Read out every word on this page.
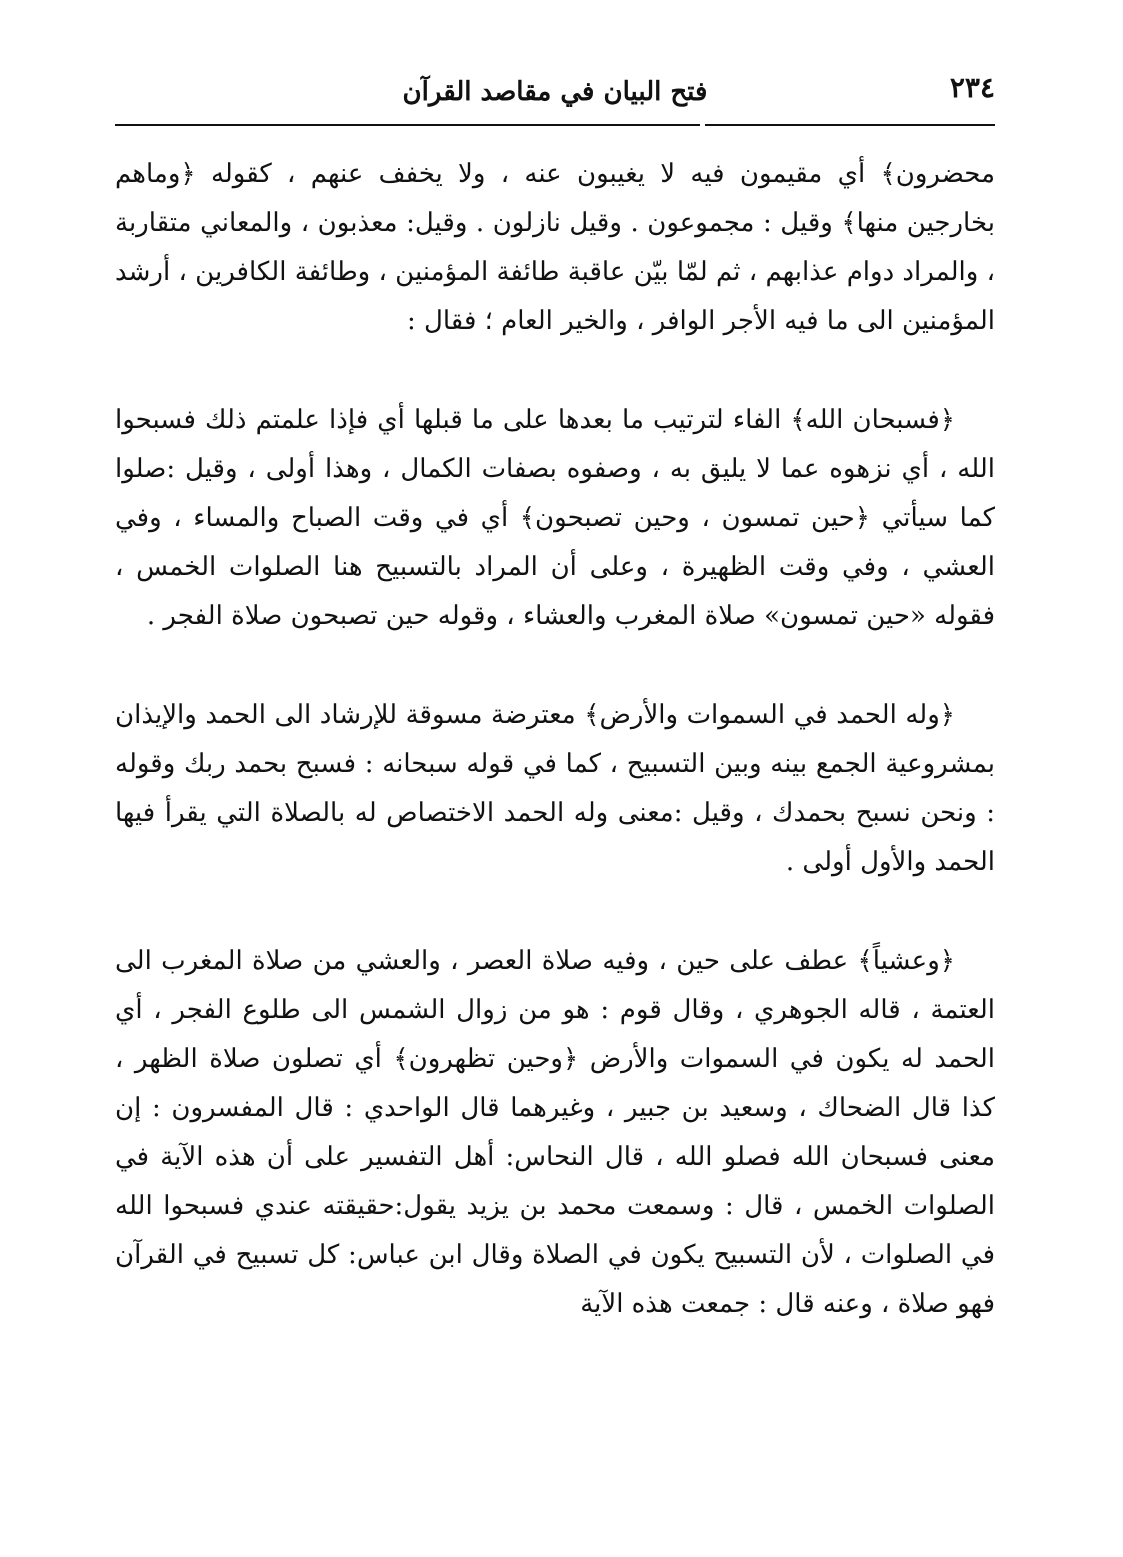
٢٣٤
فتح البيان في مقاصد القرآن

محضرون﴾ أي مقيمون فيه لا يغيبون عنه ، ولا يخفف عنهم ، كقوله ﴿وماهم بخارجين منها﴾ وقيل : مجموعون . وقيل نازلون . وقيل: معذبون ، والمعاني متقاربة ، والمراد دوام عذابهم ، ثم لمّا بيّن عاقبة طائفة المؤمنين ، وطائفة الكافرين ، أرشد المؤمنين الى ما فيه الأجر الوافر ، والخير العام ؛ فقال :

﴿فسبحان الله﴾ الفاء لترتيب ما بعدها على ما قبلها أي فإذا علمتم ذلك فسبحوا الله ، أي نزهوه عما لا يليق به ، وصفوه بصفات الكمال ، وهذا أولى ، وقيل :صلوا كما سيأتي ﴿حين تمسون ، وحين تصبحون﴾ أي في وقت الصباح والمساء ، وفي العشي ، وفي وقت الظهيرة ، وعلى أن المراد بالتسبيح هنا الصلوات الخمس ، فقوله «حين تمسون» صلاة المغرب والعشاء ، وقوله حين تصبحون صلاة الفجر .

﴿وله الحمد في السموات والأرض﴾ معترضة مسوقة للإرشاد الى الحمد والإيذان بمشروعية الجمع بينه وبين التسبيح ، كما في قوله سبحانه : فسبح بحمد ربك وقوله : ونحن نسبح بحمدك ، وقيل :معنى وله الحمد الاختصاص له بالصلاة التي يقرأ فيها الحمد والأول أولى .

﴿وعشياً﴾ عطف على حين ، وفيه صلاة العصر ، والعشي من صلاة المغرب الى العتمة ، قاله الجوهري ، وقال قوم : هو من زوال الشمس الى طلوع الفجر ، أي الحمد له يكون في السموات والأرض ﴿وحين تظهرون﴾ أي تصلون صلاة الظهر ، كذا قال الضحاك ، وسعيد بن جبير ، وغيرهما قال الواحدي : قال المفسرون : إن معنى فسبحان الله فصلو الله ، قال النحاس: أهل التفسير على أن هذه الآية في الصلوات الخمس ، قال : وسمعت محمد بن يزيد يقول:حقيقته عندي فسبحوا الله في الصلوات ، لأن التسبيح يكون في الصلاة وقال ابن عباس: كل تسبيح في القرآن فهو صلاة ، وعنه قال : جمعت هذه الآية
